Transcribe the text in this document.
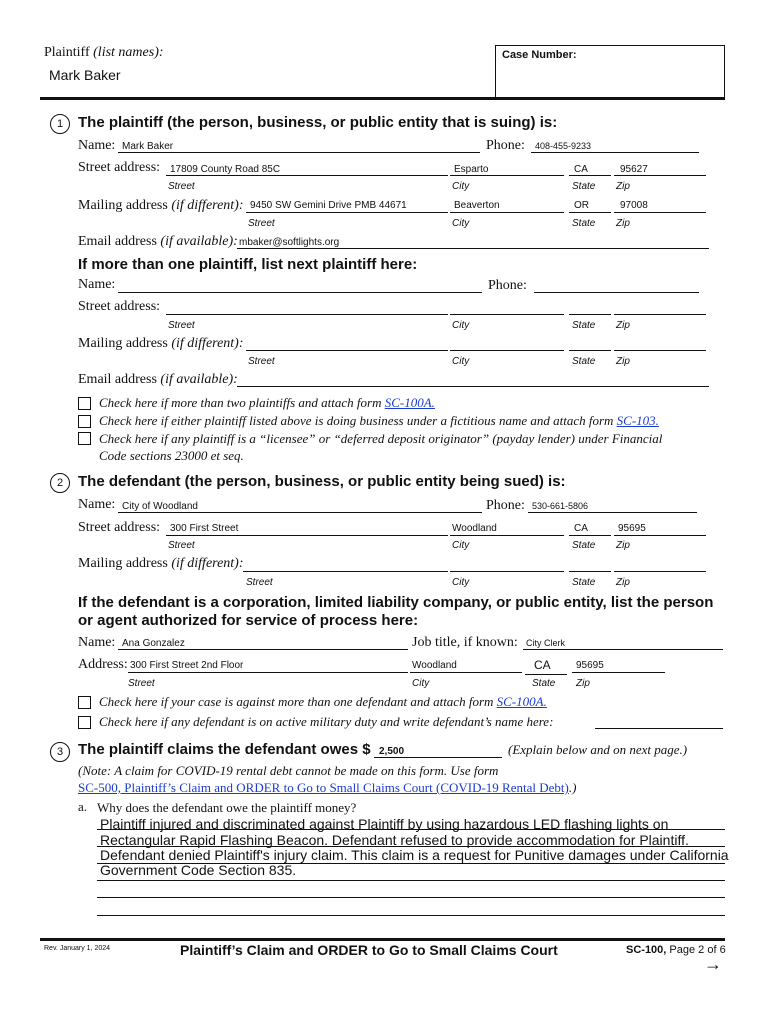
Plaintiff (list names):
Mark Baker
Case Number:
1 The plaintiff (the person, business, or public entity that is suing) is:
Name: Mark Baker	Phone: 408-455-9233
Street address: 17809 County Road 85C	Esparto	CA	95627
Street	City	State Zip
Mailing address (if different): 9450 SW Gemini Drive PMB 44671	Beaverton	OR	97008
Street	City	State Zip
Email address (if available): mbaker@softlights.org
If more than one plaintiff, list next plaintiff here:
Name:	Phone:
Street address:
Street	City	State Zip
Mailing address (if different):
Street	City	State Zip
Email address (if available):
Check here if more than two plaintiffs and attach form SC-100A.
Check here if either plaintiff listed above is doing business under a fictitious name and attach form SC-103.
Check here if any plaintiff is a “licensee” or “deferred deposit originator” (payday lender) under Financial
Code sections 23000 et seq.
2 The defendant (the person, business, or public entity being sued) is:
Name: City of Woodland	Phone: 530-661-5806
Street address: 300 First Street	Woodland	CA	95695
Street	City	State Zip
Mailing address (if different):
Street	City	State Zip
If the defendant is a corporation, limited liability company, or public entity, list the person
or agent authorized for service of process here:
Name: Ana Gonzalez	Job title, if known: City Clerk
Address: 300 First Street 2nd Floor	Woodland	CA	95695
Street	City	State Zip
Check here if your case is against more than one defendant and attach form SC-100A.
Check here if any defendant is on active military duty and write defendant’s name here:
3 The plaintiff claims the defendant owes $ 2,500	(Explain below and on next page.)
(Note: A claim for COVID-19 rental debt cannot be made on this form. Use form
SC-500, Plaintiff’s Claim and ORDER to Go to Small Claims Court (COVID-19 Rental Debt).)
a. Why does the defendant owe the plaintiff money?
Plaintiff injured and discriminated against Plaintiff by using hazardous LED flashing lights on
Rectangular Rapid Flashing Beacon. Defendant refused to provide accommodation for Plaintiff.
Defendant denied Plaintiff's injury claim. This claim is a request for Punitive damages under California
Government Code Section 835.
Rev. January 1, 2024	Plaintiff’s Claim and ORDER to Go to Small Claims Court	SC-100, Page 2 of 6
→
